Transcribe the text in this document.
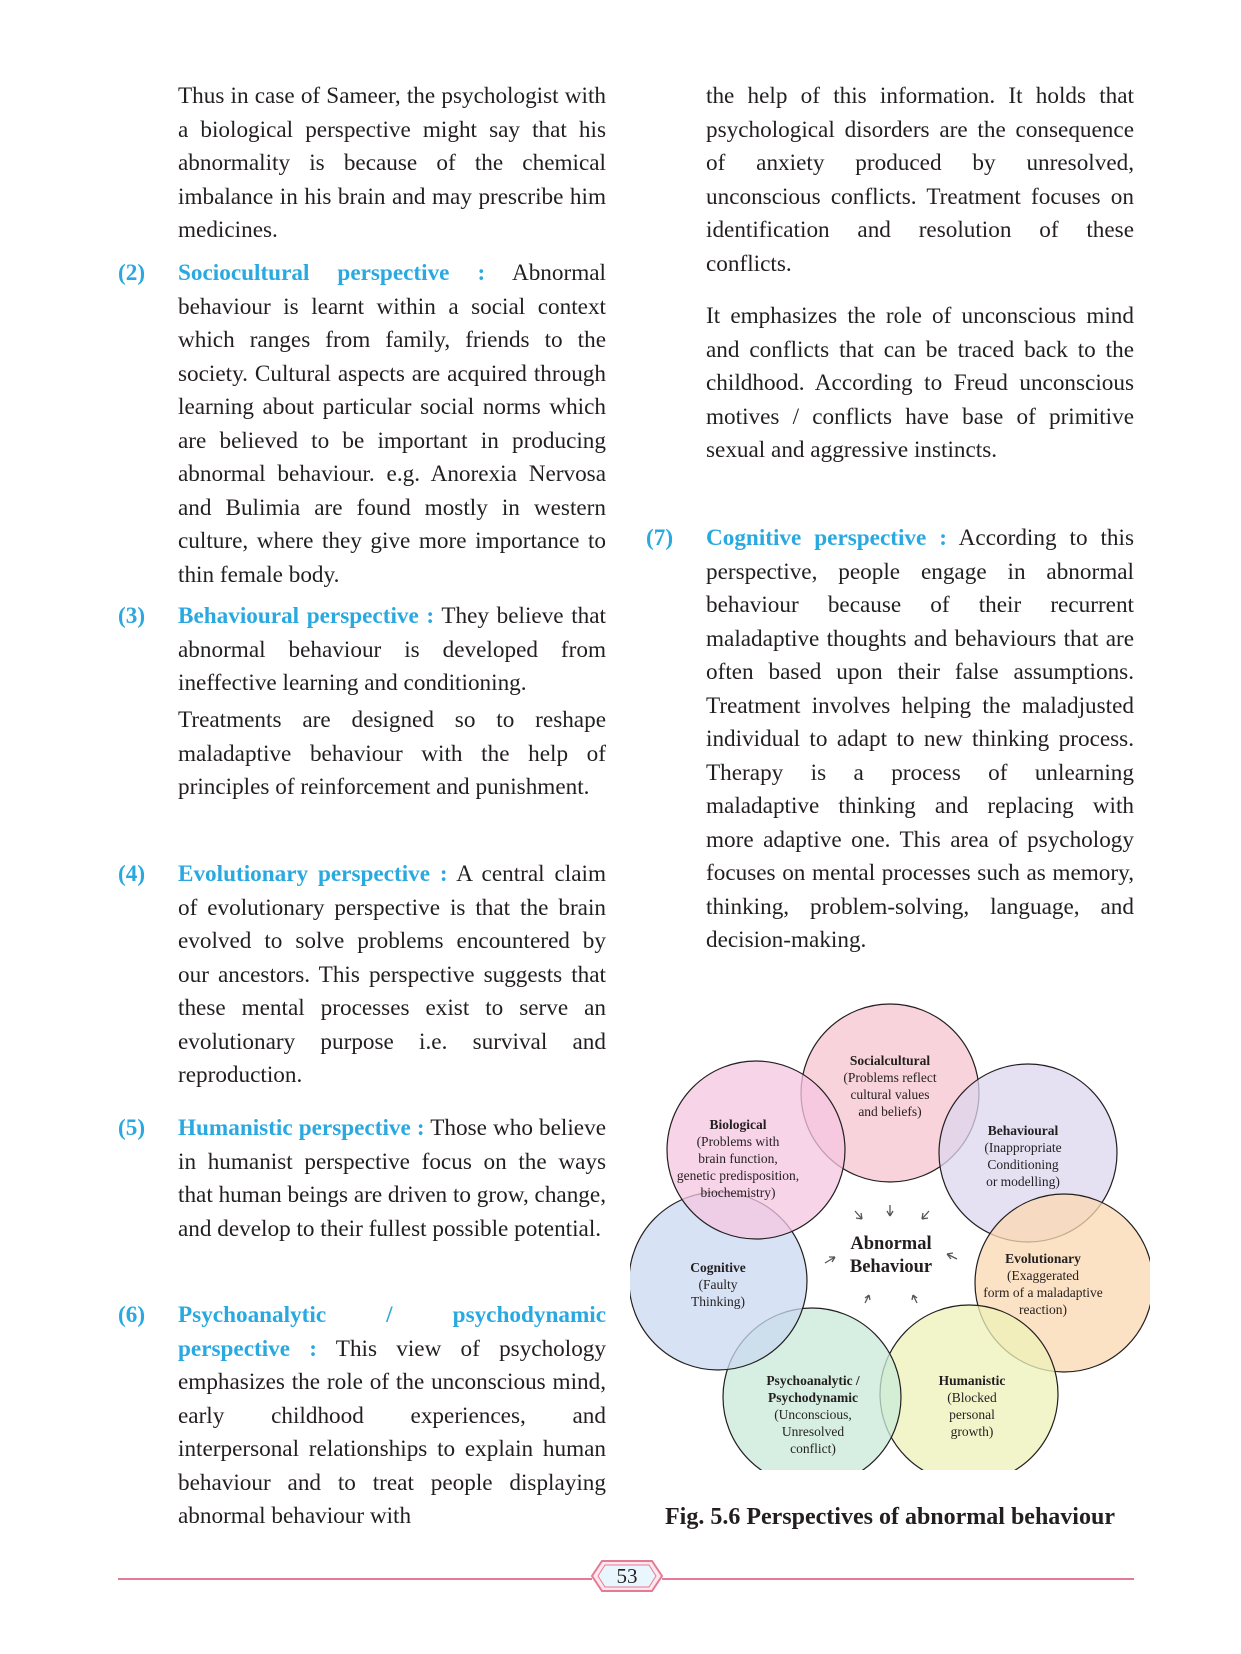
Thus in case of Sameer, the psychologist with a biological perspective might say that his abnormality is because of the chemical imbalance in his brain and may prescribe him medicines.

(2) Sociocultural perspective : Abnormal behaviour is learnt within a social context which ranges from family, friends to the society. Cultural aspects are acquired through learning about particular social norms which are believed to be important in producing abnormal behaviour. e.g. Anorexia Nervosa and Bulimia are found mostly in western culture, where they give more importance to thin female body.

(3) Behavioural perspective : They believe that abnormal behaviour is developed from ineffective learning and conditioning.

Treatments are designed so to reshape maladaptive behaviour with the help of principles of reinforcement and punishment.

(4) Evolutionary perspective : A central claim of evolutionary perspective is that the brain evolved to solve problems encountered by our ancestors. This perspective suggests that these mental processes exist to serve an evolutionary purpose i.e. survival and reproduction.

(5) Humanistic perspective : Those who believe in humanist perspective focus on the ways that human beings are driven to grow, change, and develop to their fullest possible potential.

(6) Psychoanalytic / psychodynamic perspective : This view of psychology emphasizes the role of the unconscious mind, early childhood experiences, and interpersonal relationships to explain human behaviour and to treat people displaying abnormal behaviour with

the help of this information. It holds that psychological disorders are the consequence of anxiety produced by unresolved, unconscious conflicts. Treatment focuses on identification and resolution of these conflicts.

It emphasizes the role of unconscious mind and conflicts that can be traced back to the childhood. According to Freud unconscious motives / conflicts have base of primitive sexual and aggressive instincts.

(7) Cognitive perspective : According to this perspective, people engage in abnormal behaviour because of their recurrent maladaptive thoughts and behaviours that are often based upon their false assumptions. Treatment involves helping the maladjusted individual to adapt to new thinking process. Therapy is a process of unlearning maladaptive thinking and replacing with more adaptive one. This area of psychology focuses on mental processes such as memory, thinking, problem-solving, language, and decision-making.

Abnormal
Behaviour
Socialcultural
(Problems reflect
cultural values
and beliefs)
Behavioural
(Inappropriate
Conditioning
or modelling)
Evolutionary
(Exaggerated
form of a maladaptive
reaction)
Humanistic
(Blocked
personal
growth)
Psychoanalytic /
Psychodynamic
(Unconscious,
Unresolved
conflict)
Cognitive
(Faulty
Thinking)
Biological
(Problems with
brain function,
genetic predisposition,
biochemistry)
Fig. 5.6 Perspectives of abnormal behaviour
53
